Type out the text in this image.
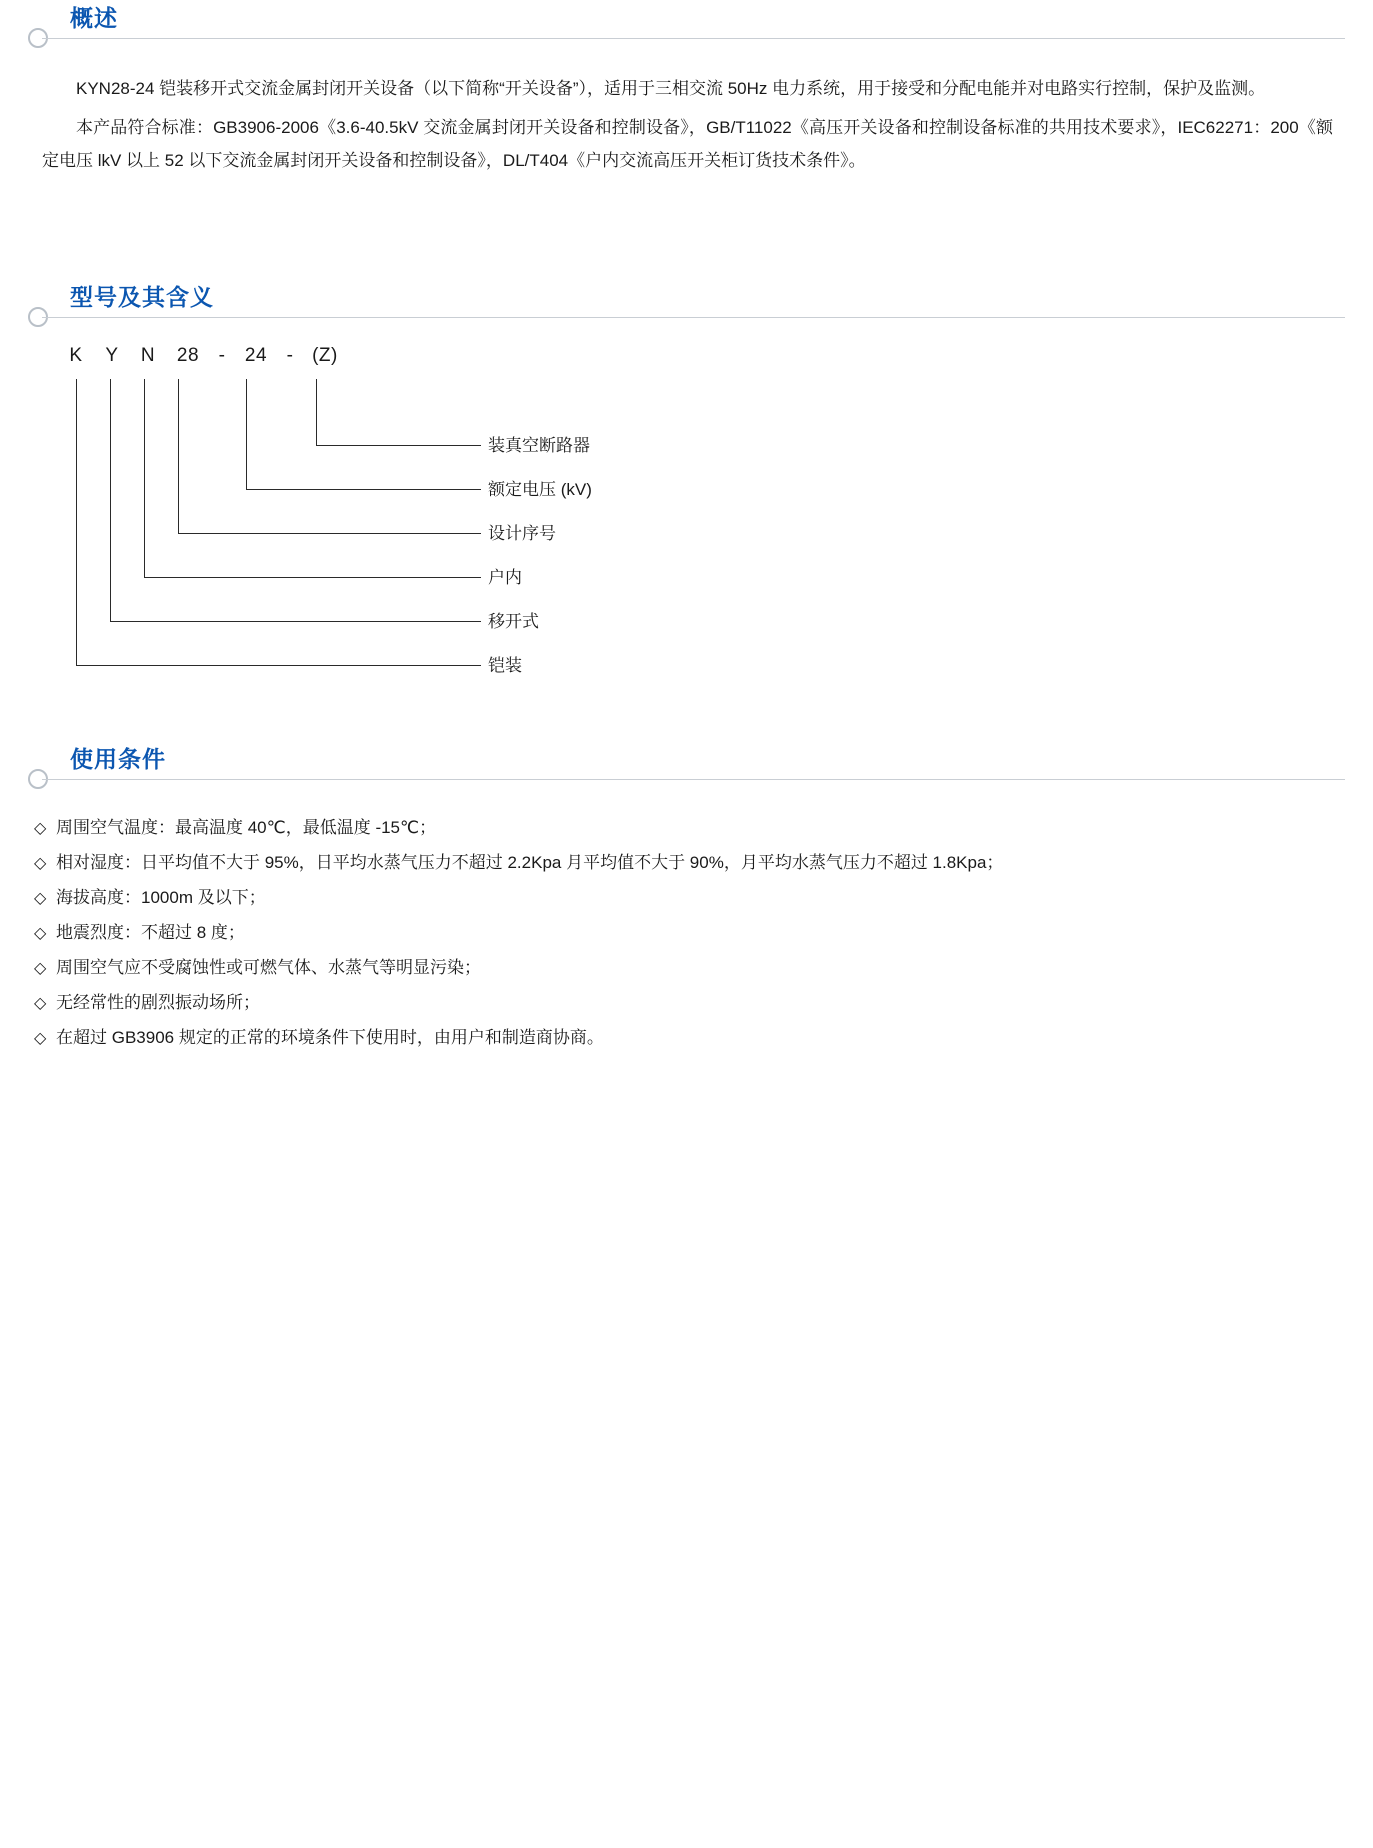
概述

KYN28-24 铠装移开式交流金属封闭开关设备（以下简称“开关设备”），适用于三相交流 50Hz 电力系统，用于接受和分配电能并对电路实行控制，保护及监测。

本产品符合标准：GB3906-2006《3.6-40.5kV 交流金属封闭开关设备和控制设备》，GB/T11022《高压开关设备和控制设备标准的共用技术要求》，IEC62271：200《额定电压 lkV 以上 52 以下交流金属封闭开关设备和控制设备》，DL/T404《户内交流高压开关柜订货技术条件》。

型号及其含义
K Y N 28 - 24 - (Z)
装真空断路器
额定电压 (kV)
设计序号
户内
移开式
铠装
使用条件
◇ 周围空气温度：最高温度 40℃，最低温度 -15℃；
◇ 相对湿度：日平均值不大于 95%，日平均水蒸气压力不超过 2.2Kpa 月平均值不大于 90%，月平均水蒸气压力不超过 1.8Kpa；
◇ 海拔高度：1000m 及以下；
◇ 地震烈度：不超过 8 度；
◇ 周围空气应不受腐蚀性或可燃气体、水蒸气等明显污染；
◇ 无经常性的剧烈振动场所；
◇ 在超过 GB3906 规定的正常的环境条件下使用时，由用户和制造商协商。
